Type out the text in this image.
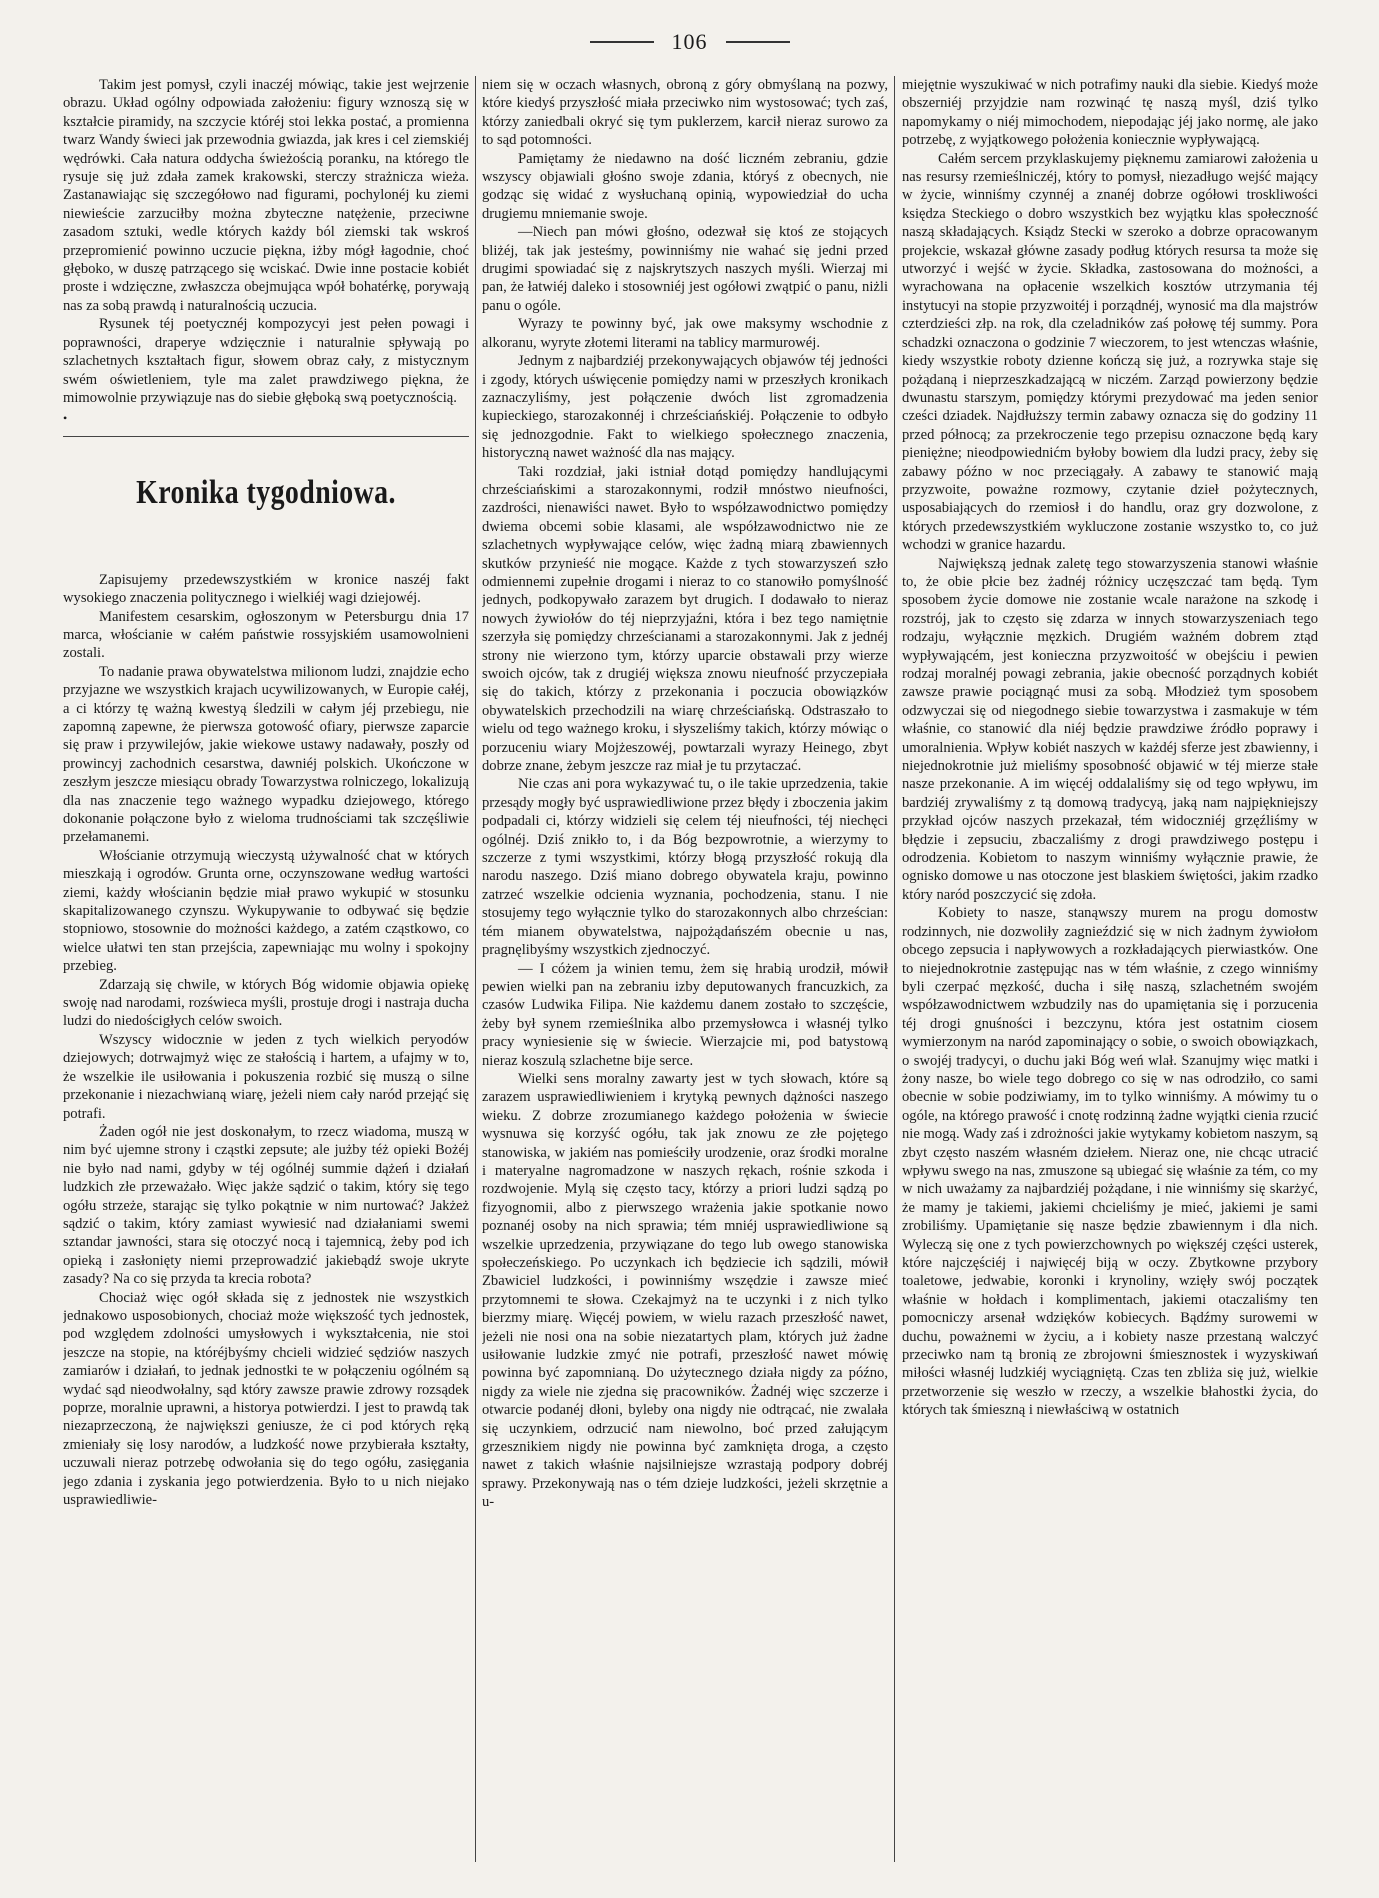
106

Takim jest pomysł, czyli inaczéj mówiąc, takie jest wejrzenie obrazu. Układ ogólny odpowiada założeniu: figury wznoszą się w kształcie piramidy, na szczycie któréj stoi lekka postać, a promienna twarz Wandy świeci jak przewodnia gwiazda, jak kres i cel ziemskiéj wędrówki. Cała natura oddycha świeżością poranku, na którego tle rysuje się już zdała zamek krakowski, sterczy strażnicza wieża. Zastanawiając się szczegółowo nad figurami, pochylonéj ku ziemi niewieście zarzuciłby można zbyteczne natężenie, przeciwne zasadom sztuki, wedle których każdy ból ziemski tak wskroś przepromienić powinno uczucie piękna, iżby mógł łagodnie, choć głęboko, w duszę patrzącego się wciskać. Dwie inne postacie kobiét proste i wdzięczne, zwłaszcza obejmująca wpół bohatérkę, porywają nas za sobą prawdą i naturalnością uczucia.

Rysunek téj poetycznéj kompozycyi jest pełen powagi i poprawności, draperye wdzięcznie i naturalnie spływają po szlachetnych kształtach figur, słowem obraz cały, z mistycznym swém oświetleniem, tyle ma zalet prawdziwego piękna, że mimowolnie przywiązuje nas do siebie głęboką swą poetycznością.

•
Kronika tygodniowa.

Zapisujemy przedewszystkiém w kronice naszéj fakt wysokiego znaczenia politycznego i wielkiéj wagi dziejowéj.

Manifestem cesarskim, ogłoszonym w Petersburgu dnia 17 marca, włościanie w całém państwie rossyjskiém usamowolnieni zostali.

To nadanie prawa obywatelstwa milionom ludzi, znajdzie echo przyjazne we wszystkich krajach ucywilizowanych, w Europie całéj, a ci którzy tę ważną kwestyą śledzili w całym jéj przebiegu, nie zapomną zapewne, że pierwsza gotowość ofiary, pierwsze zaparcie się praw i przywilejów, jakie wiekowe ustawy nadawały, poszły od prowincyj zachodnich cesarstwa, dawniéj polskich. Ukończone w zeszłym jeszcze miesiącu obrady Towarzystwa rolniczego, lokalizują dla nas znaczenie tego ważnego wypadku dziejowego, którego dokonanie połączone było z wieloma trudnościami tak szczęśliwie przełamanemi.

Włościanie otrzymują wieczystą używalność chat w których mieszkają i ogrodów. Grunta orne, oczynszowane według wartości ziemi, każdy włościanin będzie miał prawo wykupić w stosunku skapitalizowanego czynszu. Wykupywanie to odbywać się będzie stopniowo, stosownie do możności każdego, a zatém cząstkowo, co wielce ułatwi ten stan przejścia, zapewniając mu wolny i spokojny przebieg.

Zdarzają się chwile, w których Bóg widomie objawia opiekę swoję nad narodami, rozświeca myśli, prostuje drogi i nastraja ducha ludzi do niedościgłych celów swoich.

Wszyscy widocznie w jeden z tych wielkich peryodów dziejowych; dotrwajmyż więc ze stałością i hartem, a ufajmy w to, że wszelkie ile usiłowania i pokuszenia rozbić się muszą o silne przekonanie i niezachwianą wiarę, jeżeli niem cały naród przejąć się potrafi.

Żaden ogół nie jest doskonałym, to rzecz wiadoma, muszą w nim być ujemne strony i cząstki zepsute; ale jużby téż opieki Bożéj nie było nad nami, gdyby w téj ogólnéj summie dążeń i działań ludzkich złe przeważało. Więc jakże sądzić o takim, który się tego ogółu strzeże, starając się tylko pokątnie w nim nurtować? Jakżeż sądzić o takim, który zamiast wywiesić nad działaniami swemi sztandar jawności, stara się otoczyć nocą i tajemnicą, żeby pod ich opieką i zasłonięty niemi przeprowadzić jakiebądź swoje ukryte zasady? Na co się przyda ta krecia robota?

Chociaż więc ogół składa się z jednostek nie wszystkich jednakowo usposobionych, chociaż może większość tych jednostek, pod względem zdolności umysłowych i wykształcenia, nie stoi jeszcze na stopie, na któréjbyśmy chcieli widzieć sędziów naszych zamiarów i działań, to jednak jednostki te w połączeniu ogólném są wydać sąd nieodwołalny, sąd który zawsze prawie zdrowy rozsądek poprze, moralnie uprawni, a historya potwierdzi. I jest to prawdą tak niezaprzeczoną, że największi geniusze, że ci pod których ręką zmieniały się losy narodów, a ludzkość nowe przybierała kształty, uczuwali nieraz potrzebę odwołania się do tego ogółu, zasięgania jego zdania i zyskania jego potwierdzenia. Było to u nich niejako usprawiedliwie-

niem się w oczach własnych, obroną z góry obmyślaną na pozwy, które kiedyś przyszłość miała przeciwko nim wystosować; tych zaś, którzy zaniedbali okryć się tym puklerzem, karcił nieraz surowo za to sąd potomności.

Pamiętamy że niedawno na dość liczném zebraniu, gdzie wszyscy objawiali głośno swoje zdania, któryś z obecnych, nie godząc się widać z wysłuchaną opinią, wypowiedział do ucha drugiemu mniemanie swoje.

—Niech pan mówi głośno, odezwał się ktoś ze stojących bliżéj, tak jak jesteśmy, powinniśmy nie wahać się jedni przed drugimi spowiadać się z najskrytszych naszych myśli. Wierzaj mi pan, że łatwiéj daleko i stosowniéj jest ogółowi zwątpić o panu, niżli panu o ogóle.

Wyrazy te powinny być, jak owe maksymy wschodnie z alkoranu, wyryte złotemi literami na tablicy marmurowéj.

Jednym z najbardziéj przekonywających objawów téj jedności i zgody, których uświęcenie pomiędzy nami w przeszłych kronikach zaznaczyliśmy, jest połączenie dwóch list zgromadzenia kupieckiego, starozakonnéj i chrześciańskiéj. Połączenie to odbyło się jednozgodnie. Fakt to wielkiego społecznego znaczenia, historyczną nawet ważność dla nas mający.

Taki rozdział, jaki istniał dotąd pomiędzy handlującymi chrześciańskimi a starozakonnymi, rodził mnóstwo nieufności, zazdrości, nienawiści nawet. Było to współzawodnictwo pomiędzy dwiema obcemi sobie klasami, ale współzawodnictwo nie ze szlachetnych wypływające celów, więc żadną miarą zbawiennych skutków przynieść nie mogące. Każde z tych stowarzyszeń szło odmiennemi zupełnie drogami i nieraz to co stanowiło pomyślność jednych, podkopywało zarazem byt drugich. I dodawało to nieraz nowych żywiołów do téj nieprzyjaźni, która i bez tego namiętnie szerzyła się pomiędzy chrześcianami a starozakonnymi. Jak z jednéj strony nie wierzono tym, którzy uparcie obstawali przy wierze swoich ojców, tak z drugiéj większa znowu nieufność przyczepiała się do takich, którzy z przekonania i poczucia obowiązków obywatelskich przechodzili na wiarę chrześciańską. Odstraszało to wielu od tego ważnego kroku, i słyszeliśmy takich, którzy mówiąc o porzuceniu wiary Mojżeszowéj, powtarzali wyrazy Heinego, zbyt dobrze znane, żebym jeszcze raz miał je tu przytaczać.

Nie czas ani pora wykazywać tu, o ile takie uprzedzenia, takie przesądy mogły być usprawiedliwione przez błędy i zboczenia jakim podpadali ci, którzy widzieli się celem téj nieufności, téj niechęci ogólnéj. Dziś znikło to, i da Bóg bezpowrotnie, a wierzymy to szczerze z tymi wszystkimi, którzy błogą przyszłość rokują dla narodu naszego. Dziś miano dobrego obywatela kraju, powinno zatrzeć wszelkie odcienia wyznania, pochodzenia, stanu. I nie stosujemy tego wyłącznie tylko do starozakonnych albo chrześcian: tém mianem obywatelstwa, najpożądańszém obecnie u nas, pragnęlibyśmy wszystkich zjednoczyć.

— I cóżem ja winien temu, żem się hrabią urodził, mówił pewien wielki pan na zebraniu izby deputowanych francuzkich, za czasów Ludwika Filipa. Nie każdemu danem zostało to szczęście, żeby był synem rzemieślnika albo przemysłowca i własnéj tylko pracy wyniesienie się w świecie. Wierzajcie mi, pod batystową nieraz koszulą szlachetne bije serce.

Wielki sens moralny zawarty jest w tych słowach, które są zarazem usprawiedliwieniem i krytyką pewnych dążności naszego wieku. Z dobrze zrozumianego każdego położenia w świecie wysnuwa się korzyść ogółu, tak jak znowu ze złe pojętego stanowiska, w jakiém nas pomieściły urodzenie, oraz środki moralne i materyalne nagromadzone w naszych rękach, rośnie szkoda i rozdwojenie. Mylą się często tacy, którzy a priori ludzi sądzą po fizyognomii, albo z pierwszego wrażenia jakie spotkanie nowo poznanéj osoby na nich sprawia; tém mniéj usprawiedliwione są wszelkie uprzedzenia, przywiązane do tego lub owego stanowiska społeczeńskiego. Po uczynkach ich będziecie ich sądzili, mówił Zbawiciel ludzkości, i powinniśmy wszędzie i zawsze mieć przytomnemi te słowa. Czekajmyż na te uczynki i z nich tylko bierzmy miarę. Więcéj powiem, w wielu razach przeszłość nawet, jeżeli nie nosi ona na sobie niezatartych plam, których już żadne usiłowanie ludzkie zmyć nie potrafi, przeszłość nawet mówię powinna być zapomnianą. Do użytecznego działa nigdy za późno, nigdy za wiele nie zjedna się pracowników. Żadnéj więc szczerze i otwarcie podanéj dłoni, byleby ona nigdy nie odtrącać, nie zwalała się uczynkiem, odrzucić nam niewolno, boć przed załującym grzesznikiem nigdy nie powinna być zamknięta droga, a często nawet z takich właśnie najsilniejsze wzrastają podpory dobréj sprawy. Przekonywają nas o tém dzieje ludzkości, jeżeli skrzętnie a u-

miejętnie wyszukiwać w nich potrafimy nauki dla siebie. Kiedyś może obszerniéj przyjdzie nam rozwinąć tę naszą myśl, dziś tylko napomykamy o niéj mimochodem, niepodając jéj jako normę, ale jako potrzebę, z wyjątkowego położenia koniecznie wypływającą.

Całém sercem przyklaskujemy pięknemu zamiarowi założenia u nas resursy rzemieślniczéj, który to pomysł, niezadługo wejść mający w życie, winniśmy czynnéj a znanéj dobrze ogółowi troskliwości księdza Steckiego o dobro wszystkich bez wyjątku klas społeczność naszą składających. Ksiądz Stecki w szeroko a dobrze opracowanym projekcie, wskazał główne zasady podług których resursa ta może się utworzyć i wejść w życie. Składka, zastosowana do możności, a wyrachowana na opłacenie wszelkich kosztów utrzymania téj instytucyi na stopie przyzwoitéj i porządnéj, wynosić ma dla majstrów czterdzieści złp. na rok, dla czeladników zaś połowę téj summy. Pora schadzki oznaczona o godzinie 7 wieczorem, to jest wtenczas właśnie, kiedy wszystkie roboty dzienne kończą się już, a rozrywka staje się pożądaną i nieprzeszkadzającą w niczém. Zarząd powierzony będzie dwunastu starszym, pomiędzy którymi prezydować ma jeden senior cześci dziadek. Najdłuższy termin zabawy oznacza się do godziny 11 przed północą; za przekroczenie tego przepisu oznaczone będą kary pieniężne; nieodpowiednićm byłoby bowiem dla ludzi pracy, żeby się zabawy późno w noc przeciągały. A zabawy te stanowić mają przyzwoite, poważne rozmowy, czytanie dzieł pożytecznych, usposabiających do rzemiosł i do handlu, oraz gry dozwolone, z których przedewszystkiém wykluczone zostanie wszystko to, co już wchodzi w granice hazardu.

Największą jednak zaletę tego stowarzyszenia stanowi właśnie to, że obie płcie bez żadnéj różnicy uczęszczać tam będą. Tym sposobem życie domowe nie zostanie wcale narażone na szkodę i rozstrój, jak to często się zdarza w innych stowarzyszeniach tego rodzaju, wyłącznie męzkich. Drugiém ważném dobrem ztąd wypływającém, jest konieczna przyzwoitość w obejściu i pewien rodzaj moralnéj powagi zebrania, jakie obecność porządnych kobiét zawsze prawie pociągnąć musi za sobą. Młodzież tym sposobem odzwyczai się od niegodnego siebie towarzystwa i zasmakuje w tém właśnie, co stanowić dla niéj będzie prawdziwe źródło poprawy i umoralnienia. Wpływ kobiét naszych w każdéj sferze jest zbawienny, i niejednokrotnie już mieliśmy sposobność objawić w téj mierze stałe nasze przekonanie. A im więcéj oddalaliśmy się od tego wpływu, im bardziéj zrywaliśmy z tą domową tradycyą, jaką nam najpiękniejszy przykład ojców naszych przekazał, tém widoczniéj grzęźliśmy w błędzie i zepsuciu, zbaczaliśmy z drogi prawdziwego postępu i odrodzenia. Kobietom to naszym winniśmy wyłącznie prawie, że ognisko domowe u nas otoczone jest blaskiem świętości, jakim rzadko który naród poszczycić się zdoła.

Kobiety to nasze, stanąwszy murem na progu domostw rodzinnych, nie dozwoliły zagnieździć się w nich żadnym żywiołom obcego zepsucia i napływowych a rozkładających pierwiastków. One to niejednokrotnie zastępując nas w tém właśnie, z czego winniśmy byli czerpać męzkość, ducha i siłę naszą, szlachetném swojém współzawodnictwem wzbudzily nas do upamiętania się i porzucenia téj drogi gnuśności i bezczynu, która jest ostatnim ciosem wymierzonym na naród zapominający o sobie, o swoich obowiązkach, o swojéj tradycyi, o duchu jaki Bóg weń wlał. Szanujmy więc matki i żony nasze, bo wiele tego dobrego co się w nas odrodziło, co sami obecnie w sobie podziwiamy, im to tylko winniśmy. A mówimy tu o ogóle, na którego prawość i cnotę rodzinną żadne wyjątki cienia rzucić nie mogą. Wady zaś i zdrożności jakie wytykamy kobietom naszym, są zbyt często naszém własném dziełem. Nieraz one, nie chcąc utracić wpływu swego na nas, zmuszone są ubiegać się właśnie za tém, co my w nich uważamy za najbardziéj pożądane, i nie winniśmy się skarżyć, że mamy je takiemi, jakiemi chcieliśmy je mieć, jakiemi je sami zrobiliśmy. Upamiętanie się nasze będzie zbawiennym i dla nich. Wyleczą się one z tych powierzchownych po większéj części usterek, które najczęściéj i najwięcéj biją w oczy. Zbytkowne przybory toaletowe, jedwabie, koronki i krynoliny, wzięły swój początek właśnie w hołdach i komplimentach, jakiemi otaczaliśmy ten pomocniczy arsenał wdzięków kobiecych. Bądźmy surowemi w duchu, poważnemi w życiu, a i kobiety nasze przestaną walczyć przeciwko nam tą bronią ze zbrojowni śmiesznostek i wyzyskiwań miłości własnéj ludzkiéj wyciągniętą. Czas ten zbliża się już, wielkie przetworzenie się weszło w rzeczy, a wszelkie błahostki życia, do których tak śmieszną i niewłaściwą w ostatnich
